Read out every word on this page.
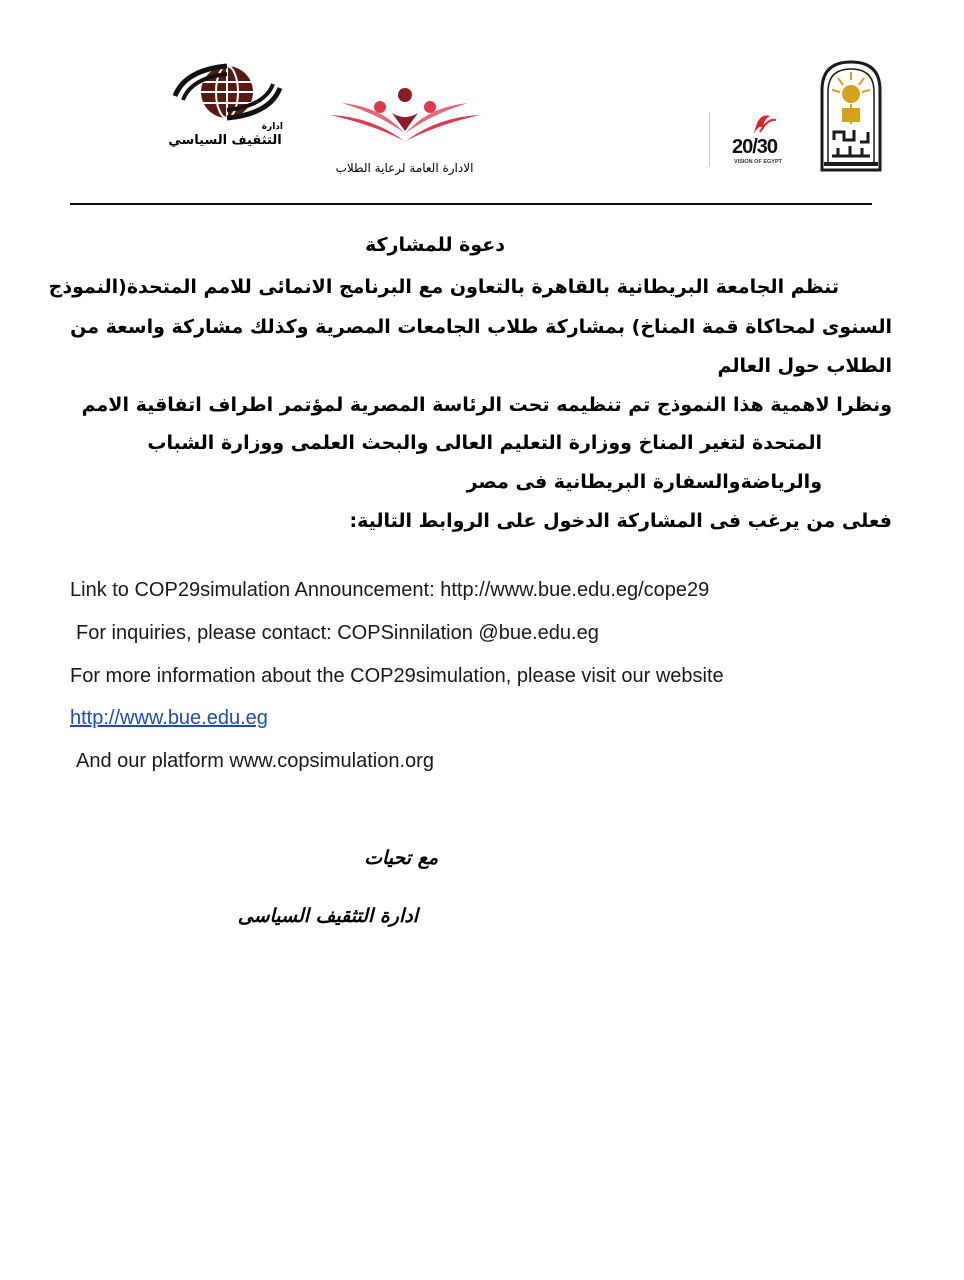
ادارة
التثقيف السياسي
الادارة العامة لرعاية الطلاب
20/30
VISION OF EGYPT
دعوة للمشاركة
تنظم الجامعة البريطانية بالقاهرة بالتعاون مع البرنامج الانمائى للامم المتحدة(النموذج
السنوى لمحاكاة قمة المناخ) بمشاركة طلاب الجامعات المصرية وكذلك مشاركة واسعة من
الطلاب حول العالم
ونظرا لاهمية هذا النموذج تم تنظيمه تحت الرئاسة المصرية لمؤتمر اطراف اتفاقية الامم
المتحدة لتغير المناخ ووزارة التعليم العالى والبحث العلمى ووزارة الشباب
والرياضةوالسفارة البريطانية فى مصر
فعلى من يرغب فى المشاركة الدخول على الروابط التالية:
Link to COP29simulation Announcement: http://www.bue.edu.eg/cope29
For inquiries, please contact: COPSinnilation @bue.edu.eg
For more information about the COP29simulation, please visit our website
http://www.bue.edu.eg
And our platform www.copsimulation.org
مع تحيات
ادارة التثقيف السياسى
